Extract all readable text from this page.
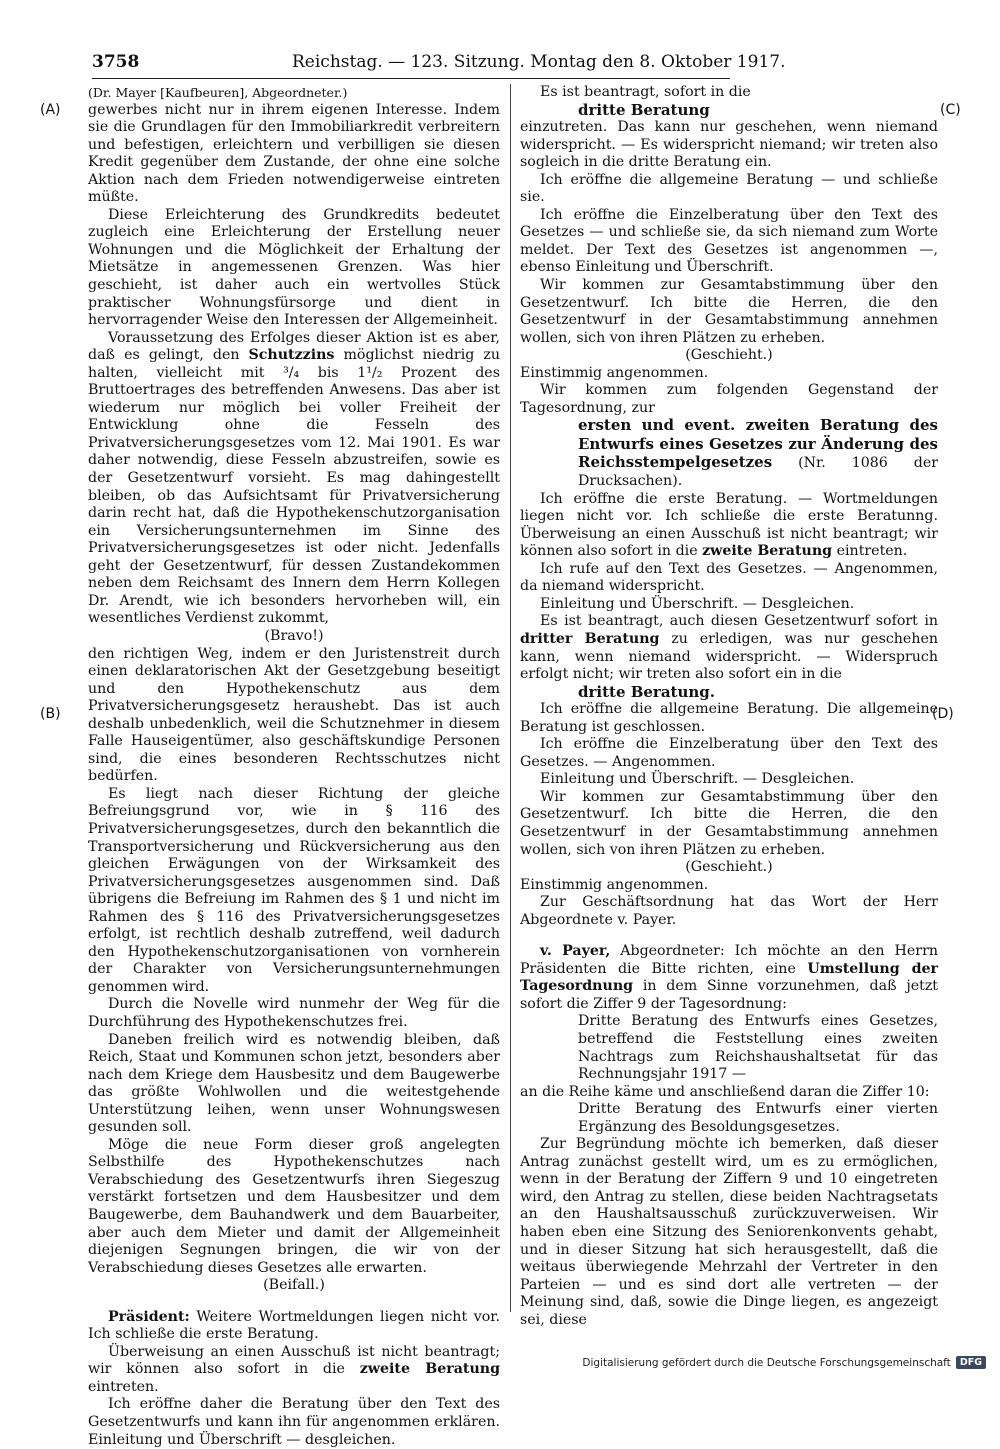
3758	Reichstag. — 123. Sitzung. Montag den 8. Oktober 1917.
(A)
(B)
(C)
(D)

(Dr. Mayer [Kaufbeuren], Abgeordneter.)

gewerbes nicht nur in ihrem eigenen Interesse. Indem sie die Grundlagen für den Immobiliarkredit verbreitern und befestigen, erleichtern und verbilligen sie diesen Kredit gegenüber dem Zustande, der ohne eine solche Aktion nach dem Frieden notwendigerweise eintreten müßte.

Diese Erleichterung des Grundkredits bedeutet zugleich eine Erleichterung der Erstellung neuer Wohnungen und die Möglichkeit der Erhaltung der Mietsätze in angemessenen Grenzen. Was hier geschieht, ist daher auch ein wertvolles Stück praktischer Wohnungsfürsorge und dient in hervorragender Weise den Interessen der Allgemeinheit.

Voraussetzung des Erfolges dieser Aktion ist es aber, daß es gelingt, den Schutzzins möglichst niedrig zu halten, vielleicht mit ³/₄ bis 1¹/₂ Prozent des Bruttoertrages des betreffenden Anwesens. Das aber ist wiederum nur möglich bei voller Freiheit der Entwicklung ohne die Fesseln des Privatversicherungsgesetzes vom 12. Mai 1901. Es war daher notwendig, diese Fesseln abzustreifen, sowie es der Gesetzentwurf vorsieht. Es mag dahingestellt bleiben, ob das Aufsichtsamt für Privatversicherung darin recht hat, daß die Hypothekenschutzorganisation ein Versicherungsunternehmen im Sinne des Privatversicherungsgesetzes ist oder nicht. Jedenfalls geht der Gesetzentwurf, für dessen Zustandekommen neben dem Reichsamt des Innern dem Herrn Kollegen Dr. Arendt, wie ich besonders hervorheben will, ein wesentliches Verdienst zukommt,

(Bravo!)

den richtigen Weg, indem er den Juristenstreit durch einen deklaratorischen Akt der Gesetzgebung beseitigt und den Hypothekenschutz aus dem Privatversicherungsgesetz heraushebt. Das ist auch deshalb unbedenklich, weil die Schutznehmer in diesem Falle Hauseigentümer, also geschäftskundige Personen sind, die eines besonderen Rechtsschutzes nicht bedürfen.

Es liegt nach dieser Richtung der gleiche Befreiungsgrund vor, wie in § 116 des Privatversicherungsgesetzes, durch den bekanntlich die Transportversicherung und Rückversicherung aus den gleichen Erwägungen von der Wirksamkeit des Privatversicherungsgesetzes ausgenommen sind. Daß übrigens die Befreiung im Rahmen des § 1 und nicht im Rahmen des § 116 des Privatversicherungsgesetzes erfolgt, ist rechtlich deshalb zutreffend, weil dadurch den Hypothekenschutzorganisationen von vornherein der Charakter von Versicherungsunternehmungen genommen wird.

Durch die Novelle wird nunmehr der Weg für die Durchführung des Hypothekenschutzes frei.

Daneben freilich wird es notwendig bleiben, daß Reich, Staat und Kommunen schon jetzt, besonders aber nach dem Kriege dem Hausbesitz und dem Baugewerbe das größte Wohlwollen und die weitestgehende Unterstützung leihen, wenn unser Wohnungswesen gesunden soll.

Möge die neue Form dieser groß angelegten Selbsthilfe des Hypothekenschutzes nach Verabschiedung des Gesetzentwurfs ihren Siegeszug verstärkt fortsetzen und dem Hausbesitzer und dem Baugewerbe, dem Bauhandwerk und dem Bauarbeiter, aber auch dem Mieter und damit der Allgemeinheit diejenigen Segnungen bringen, die wir von der Verabschiedung dieses Gesetzes alle erwarten.

(Beifall.)

Präsident: Weitere Wortmeldungen liegen nicht vor. Ich schließe die erste Beratung.

Überweisung an einen Ausschuß ist nicht beantragt; wir können also sofort in die zweite Beratung eintreten.

Ich eröffne daher die Beratung über den Text des Gesetzentwurfs und kann ihn für angenommen erklären. Einleitung und Überschrift — desgleichen.

Es ist beantragt, sofort in die

dritte Beratung

einzutreten. Das kann nur geschehen, wenn niemand widerspricht. — Es widerspricht niemand; wir treten also sogleich in die dritte Beratung ein.

Ich eröffne die allgemeine Beratung — und schließe sie.

Ich eröffne die Einzelberatung über den Text des Gesetzes — und schließe sie, da sich niemand zum Worte meldet. Der Text des Gesetzes ist angenommen —, ebenso Einleitung und Überschrift.

Wir kommen zur Gesamtabstimmung über den Gesetzentwurf. Ich bitte die Herren, die den Gesetzentwurf in der Gesamtabstimmung annehmen wollen, sich von ihren Plätzen zu erheben.

(Geschieht.)

Einstimmig angenommen.

Wir kommen zum folgenden Gegenstand der Tagesordnung, zur

ersten und event. zweiten Beratung des Entwurfs eines Gesetzes zur Änderung des Reichsstempelgesetzes (Nr. 1086 der Drucksachen).

Ich eröffne die erste Beratung. — Wortmeldungen liegen nicht vor. Ich schließe die erste Beratunng. Überweisung an einen Ausschuß ist nicht beantragt; wir können also sofort in die zweite Beratung eintreten.

Ich rufe auf den Text des Gesetzes. — Angenommen, da niemand widerspricht.

Einleitung und Überschrift. — Desgleichen.

Es ist beantragt, auch diesen Gesetzentwurf sofort in dritter Beratung zu erledigen, was nur geschehen kann, wenn niemand widerspricht. — Widerspruch erfolgt nicht; wir treten also sofort ein in die

dritte Beratung.

Ich eröffne die allgemeine Beratung. Die allgemeine Beratung ist geschlossen.

Ich eröffne die Einzelberatung über den Text des Gesetzes. — Angenommen.

Einleitung und Überschrift. — Desgleichen.

Wir kommen zur Gesamtabstimmung über den Gesetzentwurf. Ich bitte die Herren, die den Gesetzentwurf in der Gesamtabstimmung annehmen wollen, sich von ihren Plätzen zu erheben.

(Geschieht.)

Einstimmig angenommen.

Zur Geschäftsordnung hat das Wort der Herr Abgeordnete v. Payer.

v. Payer, Abgeordneter: Ich möchte an den Herrn Präsidenten die Bitte richten, eine Umstellung der Tagesordnung in dem Sinne vorzunehmen, daß jetzt sofort die Ziffer 9 der Tagesordnung:

Dritte Beratung des Entwurfs eines Gesetzes, betreffend die Feststellung eines zweiten Nachtrags zum Reichshaushaltsetat für das Rechnungsjahr 1917 —

an die Reihe käme und anschließend daran die Ziffer 10:

Dritte Beratung des Entwurfs einer vierten Ergänzung des Besoldungsgesetzes.

Zur Begründung möchte ich bemerken, daß dieser Antrag zunächst gestellt wird, um es zu ermöglichen, wenn in der Beratung der Ziffern 9 und 10 eingetreten wird, den Antrag zu stellen, diese beiden Nachtragsetats an den Haushaltsausschuß zurückzuverweisen. Wir haben eben eine Sitzung des Seniorenkonvents gehabt, und in dieser Sitzung hat sich herausgestellt, daß die weitaus überwiegende Mehrzahl der Vertreter in den Parteien — und es sind dort alle vertreten — der Meinung sind, daß, sowie die Dinge liegen, es angezeigt sei, diese

Digitalisierung gefördert durch die Deutsche Forschungsgemeinschaft DFG
